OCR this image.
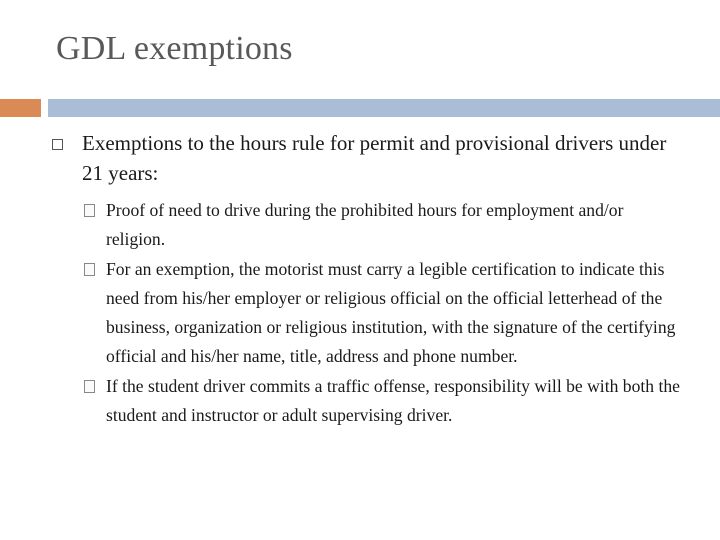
GDL exemptions

Exemptions to the hours rule for permit and provisional drivers under 21 years:

Proof of need to drive during the prohibited hours for employment and/or religion.
For an exemption, the motorist must carry a legible certification to indicate this need from his/her employer or religious official on the official letterhead of the business, organization or religious institution, with the signature of the certifying official and his/her name, title, address and phone number.
If the student driver commits a traffic offense, responsibility will be with both the student and instructor or adult supervising driver.
